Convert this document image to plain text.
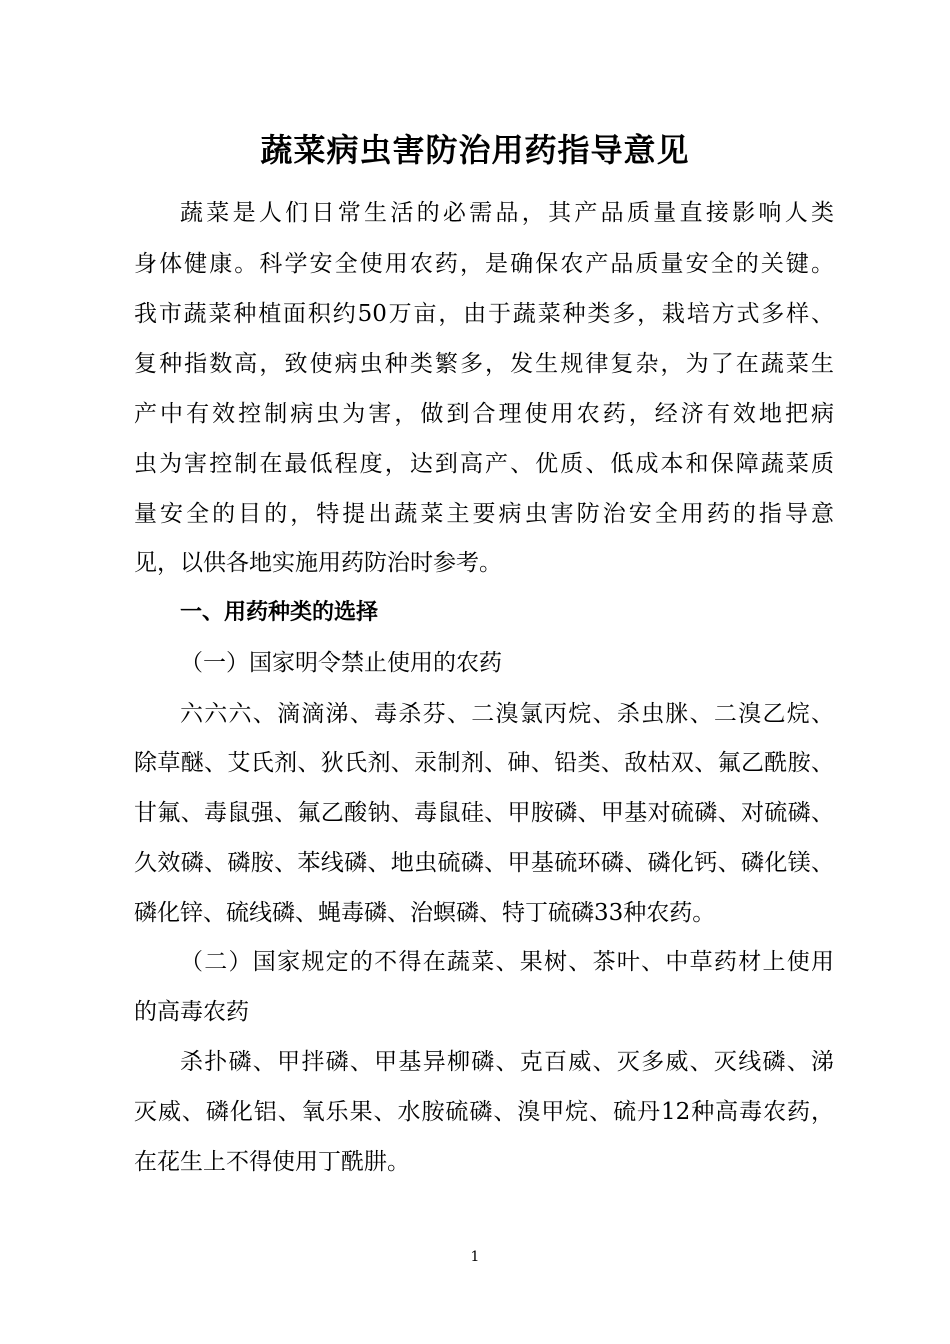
蔬菜病虫害防治用药指导意见

蔬菜是人们日常生活的必需品，其产品质量直接影响人类

身体健康。科学安全使用农药，是确保农产品质量安全的关键。

我市蔬菜种植面积约50万亩，由于蔬菜种类多，栽培方式多样、

复种指数高，致使病虫种类繁多，发生规律复杂，为了在蔬菜生

产中有效控制病虫为害，做到合理使用农药，经济有效地把病

虫为害控制在最低程度，达到高产、优质、低成本和保障蔬菜质

量安全的目的，特提出蔬菜主要病虫害防治安全用药的指导意

见，以供各地实施用药防治时参考。

一、用药种类的选择

（一）国家明令禁止使用的农药

六六六、滴滴涕、毒杀芬、二溴氯丙烷、杀虫脒、二溴乙烷、

除草醚、艾氏剂、狄氏剂、汞制剂、砷、铅类、敌枯双、氟乙酰胺、

甘氟、毒鼠强、氟乙酸钠、毒鼠硅、甲胺磷、甲基对硫磷、对硫磷、

久效磷、磷胺、苯线磷、地虫硫磷、甲基硫环磷、磷化钙、磷化镁、

磷化锌、硫线磷、蝇毒磷、治螟磷、特丁硫磷33种农药。

（二）国家规定的不得在蔬菜、果树、茶叶、中草药材上使用

的高毒农药

杀扑磷、甲拌磷、甲基异柳磷、克百威、灭多威、灭线磷、涕

灭威、磷化铝、氧乐果、水胺硫磷、溴甲烷、硫丹12种高毒农药，

在花生上不得使用丁酰肼。

1
